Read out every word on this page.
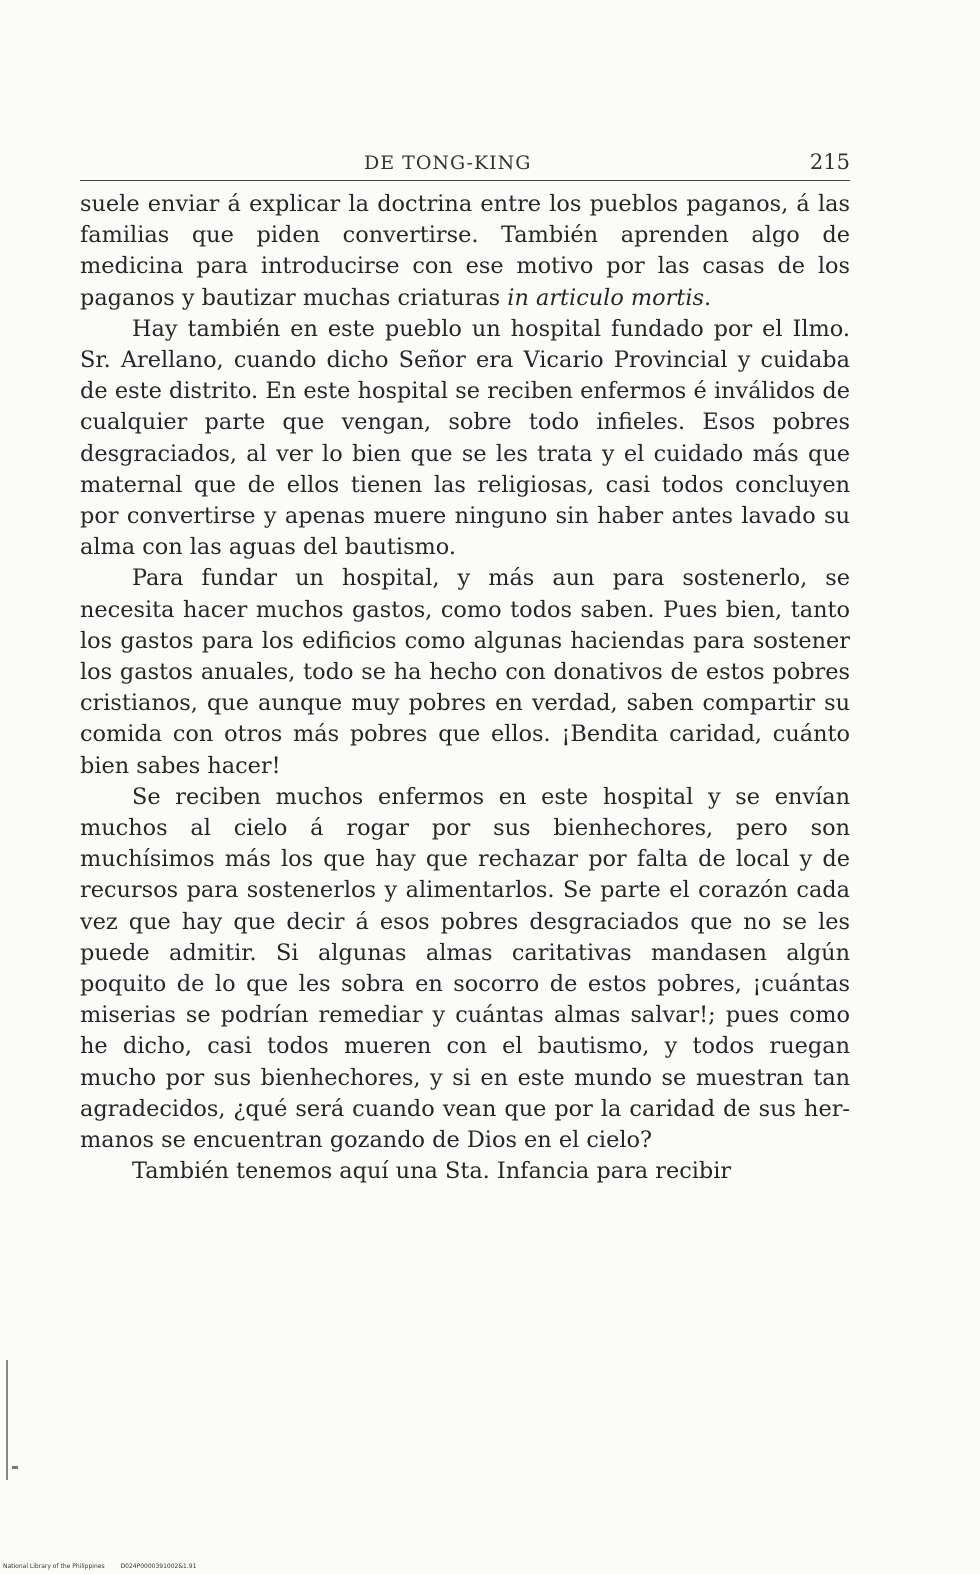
DE TONG-KING	215

suele enviar á explicar la doctrina entre los pueblos paganos, á las familias que piden convertirse. También aprenden algo de medicina para introducirse con ese motivo por las casas de los paganos y bautizar muchas criaturas in articulo mortis.

Hay también en este pueblo un hospital fundado por el Ilmo. Sr. Arellano, cuando dicho Señor era Vicario Provincial y cuidaba de este distrito. En este hospital se reciben enfermos é inválidos de cualquier parte que vengan, sobre todo infieles. Esos pobres desgraciados, al ver lo bien que se les trata y el cuidado más que maternal que de ellos tienen las religiosas, casi todos concluyen por convertirse y apenas muere ninguno sin haber antes lavado su alma con las aguas del bautismo.

Para fundar un hospital, y más aun para sostenerlo, se necesita hacer muchos gastos, como todos saben. Pues bien, tanto los gastos para los edificios como algunas haciendas para sostener los gastos anuales, todo se ha hecho con donativos de estos pobres cristianos, que aunque muy pobres en verdad, saben compartir su comida con otros más pobres que ellos. ¡Bendita caridad, cuánto bien sabes hacer!

Se reciben muchos enfermos en este hospital y se envían muchos al cielo á rogar por sus bienhechores, pero son muchísimos más los que hay que rechazar por falta de local y de recursos para sostenerlos y alimentarlos. Se parte el corazón cada vez que hay que decir á esos pobres desgraciados que no se les puede admitir. Si algunas almas caritativas mandasen algún poquito de lo que les sobra en socorro de estos pobres, ¡cuántas miserias se podrían remediar y cuántas almas salvar!; pues como he dicho, casi todos mueren con el bautismo, y todos ruegan mucho por sus bienhechores, y si en este mundo se muestran tan agradecidos, ¿qué será cuando vean que por la caridad de sus hermanos se encuentran gozando de Dios en el cielo?

También tenemos aquí una Sta. Infancia para recibir

National Library of the Philippines	D024P0000391002&1.91
